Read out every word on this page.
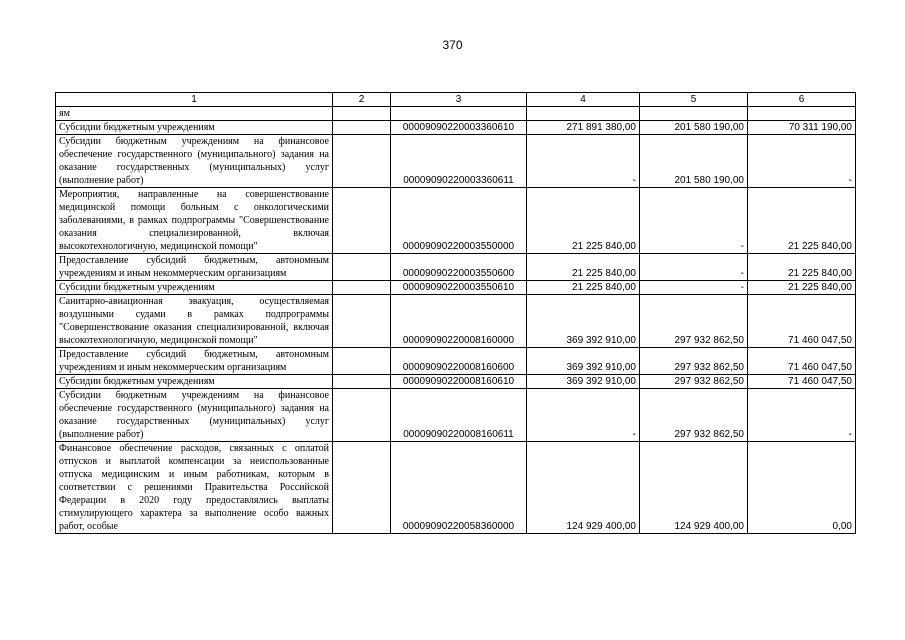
370
1	2	3	4	5	6
ям					
Субсидии бюджетным учреждениям		00009090220003360610	271 891 380,00	201 580 190,00	70 311 190,00
Субсидии бюджетным учреждениям на финансовое обеспечение государственного (муниципального) задания на оказание государственных (муниципальных) услуг (выполнение работ)		00009090220003360611	-	201 580 190,00	-
Мероприятия, направленные на совершенствование медицинской помощи больным с онкологическими заболеваниями, в рамках подпрограммы "Совершенствование оказания специализированной, включая высокотехнологичную, медицинской помощи"		00009090220003550000	21 225 840,00	-	21 225 840,00
Предоставление субсидий бюджетным, автономным учреждениям и иным некоммерческим организациям		00009090220003550600	21 225 840,00	-	21 225 840,00
Субсидии бюджетным учреждениям		00009090220003550610	21 225 840,00	-	21 225 840,00
Санитарно-авиационная эвакуация, осуществляемая воздушными судами в рамках подпрограммы "Совершенствование оказания специализированной, включая высокотехнологичную, медицинской помощи"		00009090220008160000	369 392 910,00	297 932 862,50	71 460 047,50
Предоставление субсидий бюджетным, автономным учреждениям и иным некоммерческим организациям		00009090220008160600	369 392 910,00	297 932 862,50	71 460 047,50
Субсидии бюджетным учреждениям		00009090220008160610	369 392 910,00	297 932 862,50	71 460 047,50
Субсидии бюджетным учреждениям на финансовое обеспечение государственного (муниципального) задания на оказание государственных (муниципальных) услуг (выполнение работ)		00009090220008160611	-	297 932 862,50	-
Финансовое обеспечение расходов, связанных с оплатой отпусков и выплатой компенсации за неиспользованные отпуска медицинским и иным работникам, которым в соответствии с решениями Правительства Российской Федерации в 2020 году предоставлялись выплаты стимулирующего характера за выполнение особо важных работ, особые		00009090220058360000	124 929 400,00	124 929 400,00	0,00
